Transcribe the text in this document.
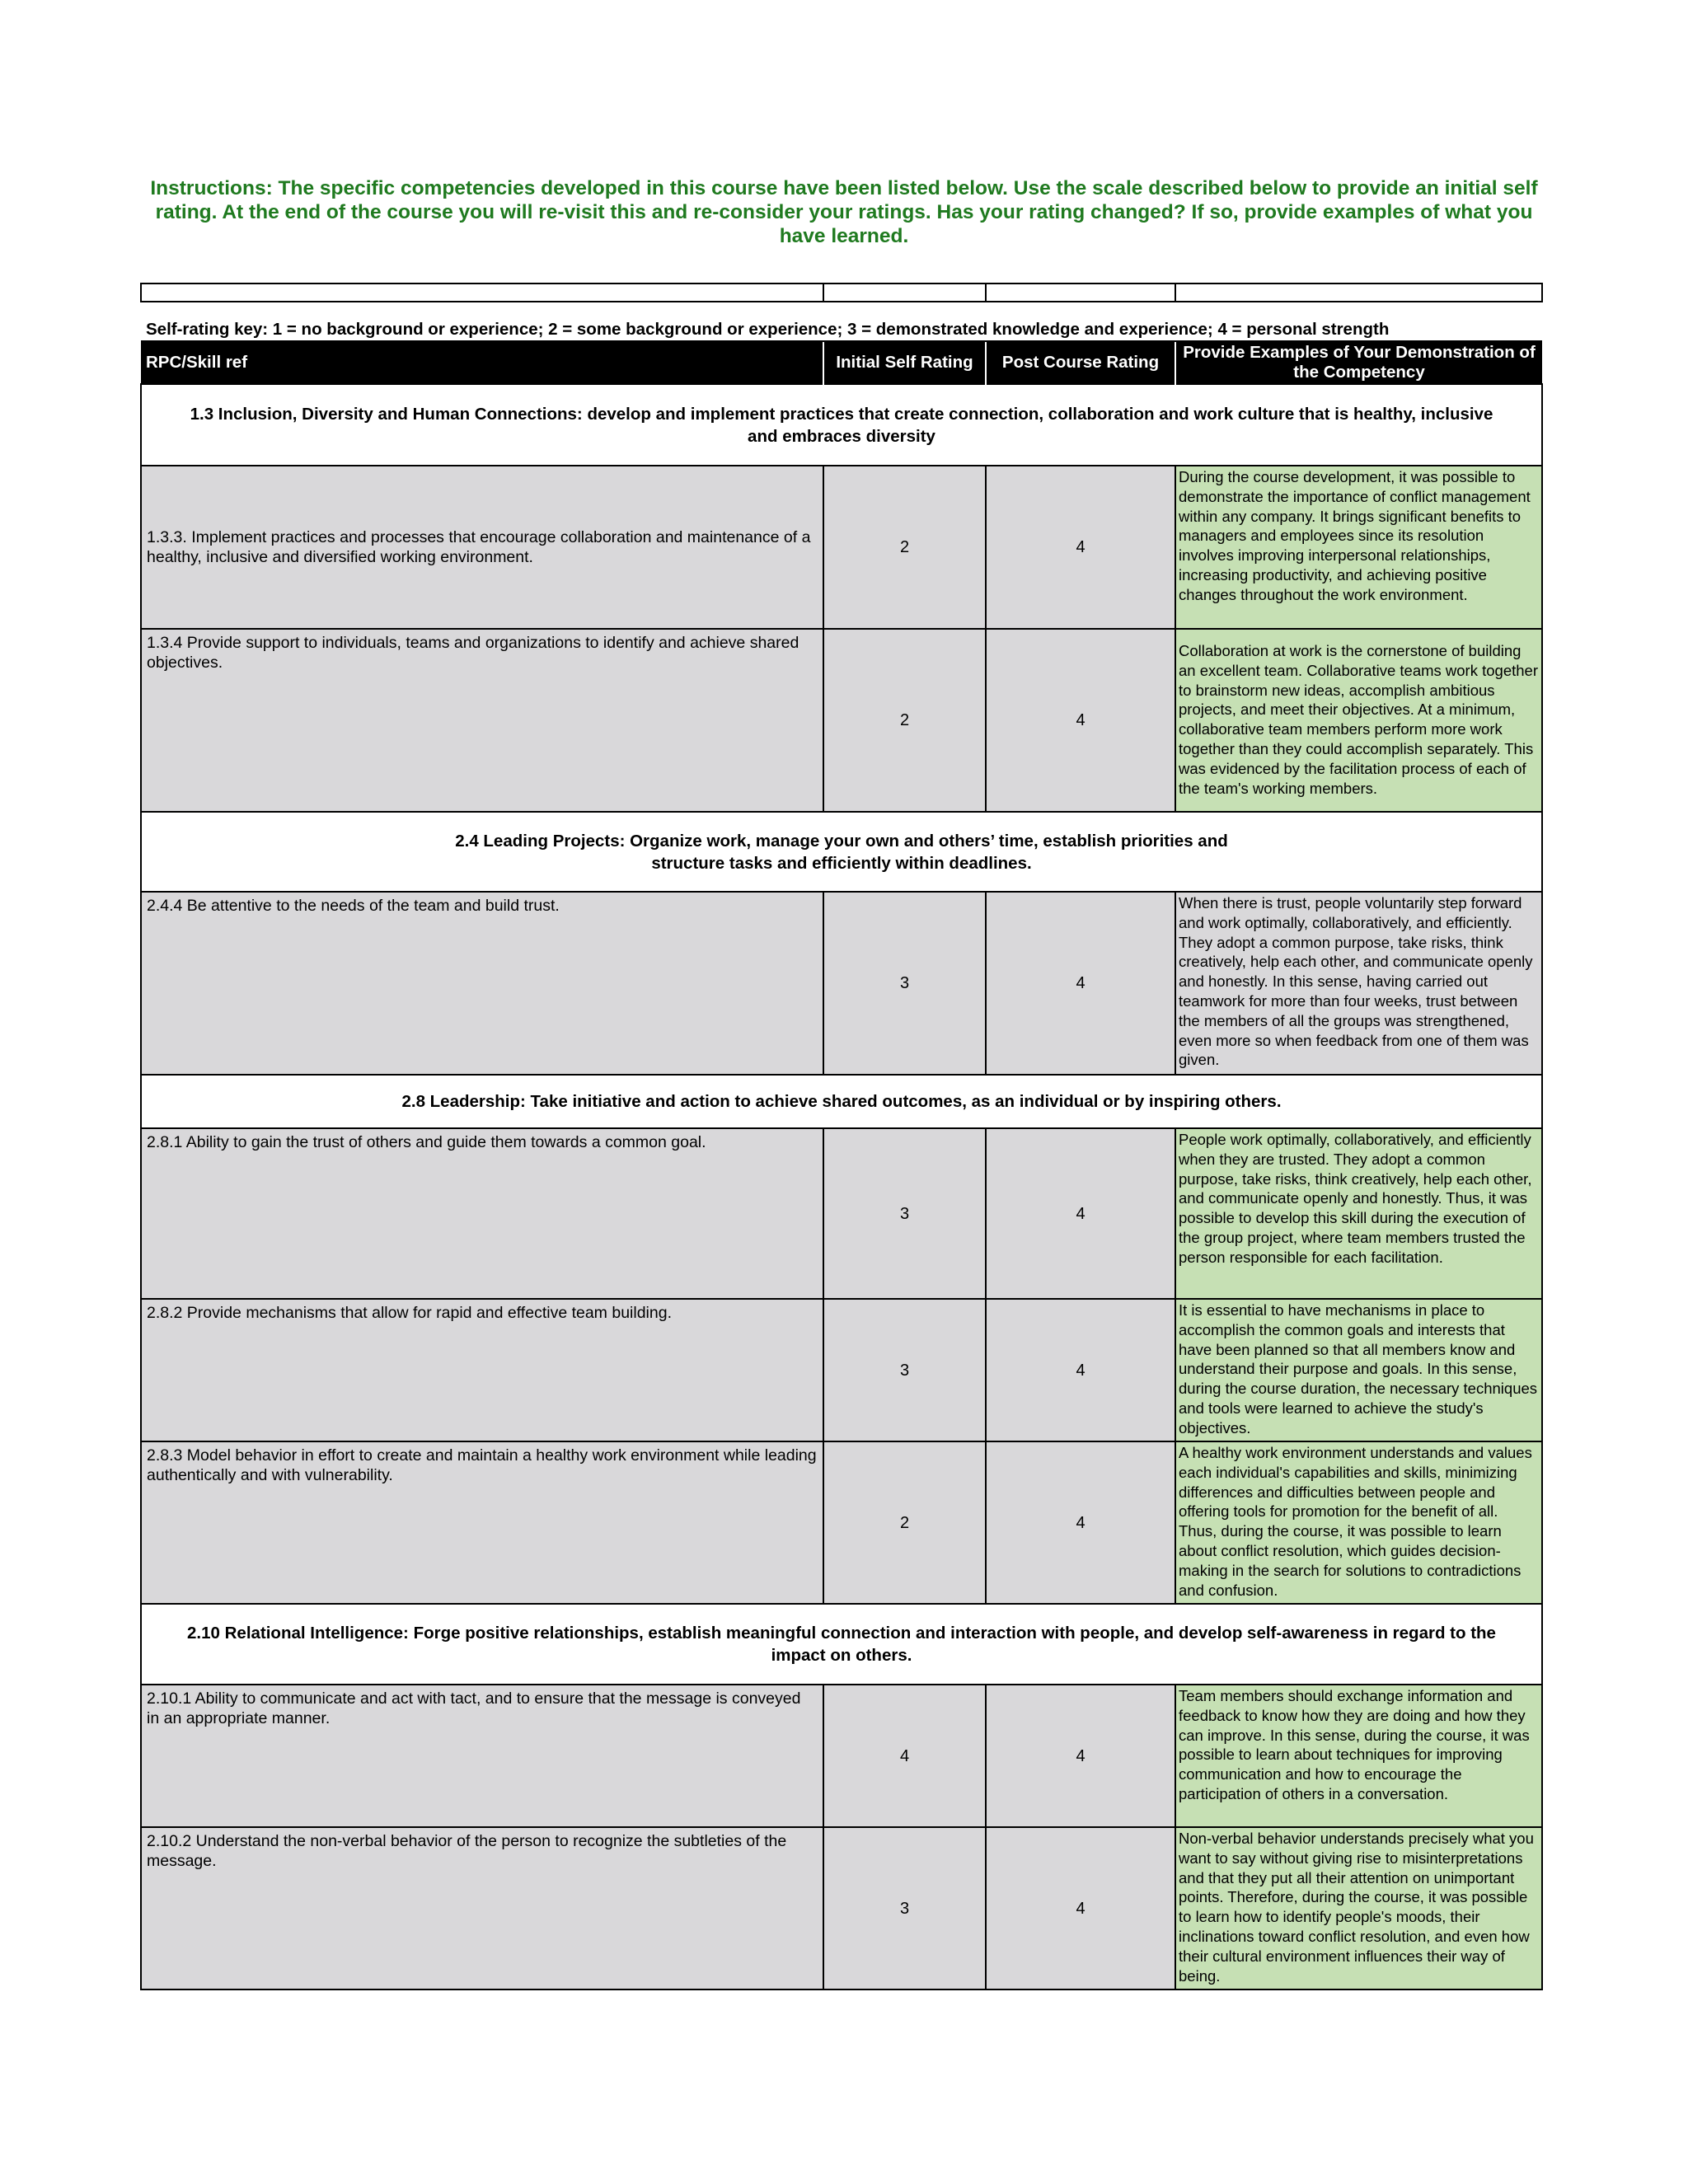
Instructions: The specific competencies developed in this course have been listed below. Use the scale described below to provide an initial self rating. At the end of the course you will re-visit this and re-consider your ratings. Has your rating changed? If so, provide examples of what you have learned.

Self-rating key: 1 = no background or experience; 2 = some background or experience; 3 = demonstrated knowledge and experience; 4 = personal strength			

RPC/Skill ref	Initial Self Rating	Post Course Rating	Provide Examples of Your Demonstration of the Competency

1.3 Inclusion, Diversity and Human Connections: develop and implement practices that create connection, collaboration and work culture that is healthy, inclusive and embraces diversity			

1.3.3. Implement practices and processes that encourage collaboration and maintenance of a healthy, inclusive and diversified working environment.	2	4	During the course development, it was possible to demonstrate the importance of conflict management within any company. It brings significant benefits to managers and employees since its resolution involves improving interpersonal relationships, increasing productivity, and achieving positive changes throughout the work environment.
1.3.4 Provide support to individuals, teams and organizations to identify and achieve shared objectives.	2	4	Collaboration at work is the cornerstone of building an excellent team. Collaborative teams work together to brainstorm new ideas, accomplish ambitious projects, and meet their objectives. At a minimum, collaborative team members perform more work together than they could accomplish separately. This was evidenced by the facilitation process of each of the team's working members.

2.4 Leading Projects: Organize work, manage your own and others’ time, establish priorities and structure tasks and efficiently within deadlines.			

2.4.4 Be attentive to the needs of the team and build trust.	3	4	When there is trust, people voluntarily step forward and work optimally, collaboratively, and efficiently. They adopt a common purpose, take risks, think creatively, help each other, and communicate openly and honestly. In this sense, having carried out teamwork for more than four weeks, trust between the members of all the groups was strengthened, even more so when feedback from one of them was given.

2.8 Leadership: Take initiative and action to achieve shared outcomes, as an individual or by inspiring others.			

2.8.1 Ability to gain the trust of others and guide them towards a common goal.	3	4	People work optimally, collaboratively, and efficiently when they are trusted. They adopt a common purpose, take risks, think creatively, help each other, and communicate openly and honestly. Thus, it was possible to develop this skill during the execution of the group project, where team members trusted the person responsible for each facilitation.
2.8.2 Provide mechanisms that allow for rapid and effective team building.	3	4	It is essential to have mechanisms in place to accomplish the common goals and interests that have been planned so that all members know and understand their purpose and goals. In this sense, during the course duration, the necessary techniques and tools were learned to achieve the study's objectives.
2.8.3 Model behavior in effort to create and maintain a healthy work environment while leading authentically and with vulnerability.	2	4	A healthy work environment understands and values each individual's capabilities and skills, minimizing differences and difficulties between people and offering tools for promotion for the benefit of all. Thus, during the course, it was possible to learn about conflict resolution, which guides decision-making in the search for solutions to contradictions and confusion.

2.10 Relational Intelligence: Forge positive relationships, establish meaningful connection and interaction with people, and develop self-awareness in regard to the impact on others.			

2.10.1 Ability to communicate and act with tact, and to ensure that the message is conveyed in an appropriate manner.	4	4	Team members should exchange information and feedback to know how they are doing and how they can improve. In this sense, during the course, it was possible to learn about techniques for improving communication and how to encourage the participation of others in a conversation.
2.10.2 Understand the non-verbal behavior of the person to recognize the subtleties of the message.	3	4	Non-verbal behavior understands precisely what you want to say without giving rise to misinterpretations and that they put all their attention on unimportant points. Therefore, during the course, it was possible to learn how to identify people's moods, their inclinations toward conflict resolution, and even how their cultural environment influences their way of being.
